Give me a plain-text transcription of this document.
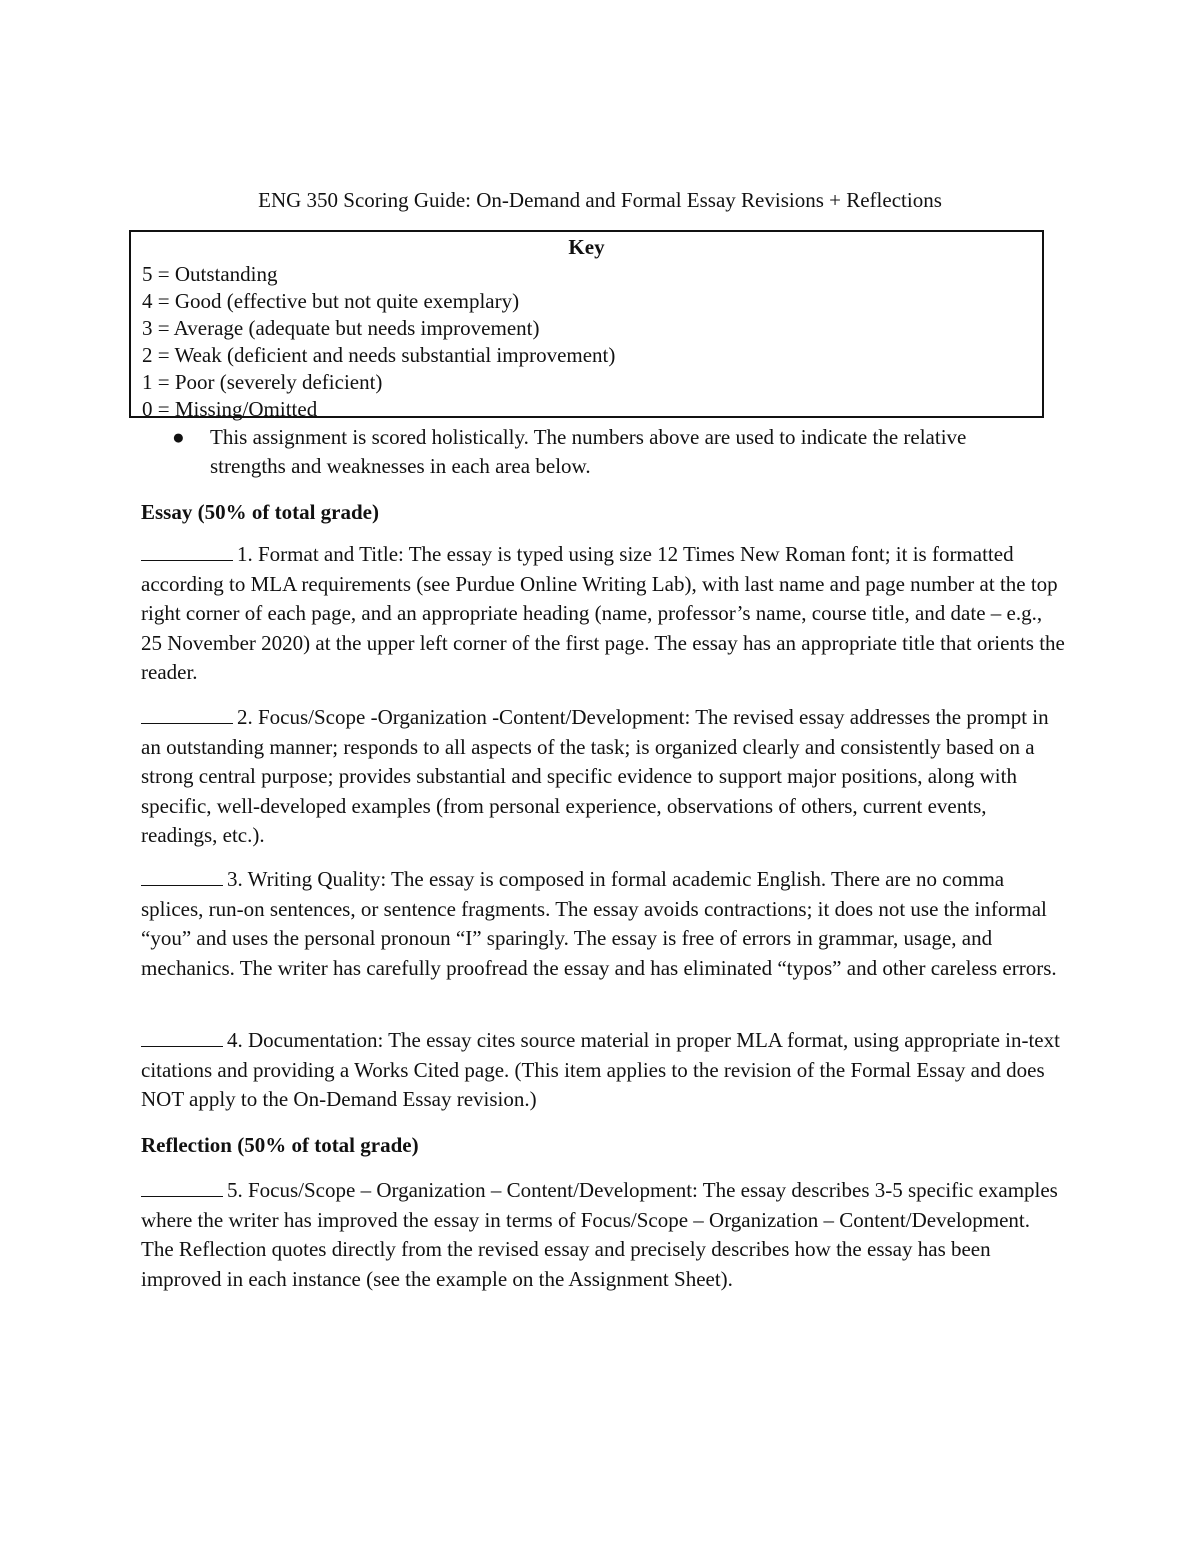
ENG 350 Scoring Guide: On-Demand and Formal Essay Revisions + Reflections
Key
5 = Outstanding
4 = Good (effective but not quite exemplary)
3 = Average (adequate but needs improvement)
2 = Weak (deficient and needs substantial improvement)
1 = Poor (severely deficient)
0 = Missing/Omitted
● This assignment is scored holistically. The numbers above are used to indicate the relative strengths and weaknesses in each area below.
Essay (50% of total grade)
1. Format and Title: The essay is typed using size 12 Times New Roman font; it is formatted according to MLA requirements (see Purdue Online Writing Lab), with last name and page number at the top right corner of each page, and an appropriate heading (name, professor’s name, course title, and date – e.g., 25 November 2020) at the upper left corner of the first page. The essay has an appropriate title that orients the reader.
2. Focus/Scope -Organization -Content/Development: The revised essay addresses the prompt in an outstanding manner; responds to all aspects of the task; is organized clearly and consistently based on a strong central purpose; provides substantial and specific evidence to support major positions, along with specific, well-developed examples (from personal experience, observations of others, current events, readings, etc.).
3. Writing Quality: The essay is composed in formal academic English. There are no comma splices, run-on sentences, or sentence fragments. The essay avoids contractions; it does not use the informal “you” and uses the personal pronoun “I” sparingly. The essay is free of errors in grammar, usage, and mechanics. The writer has carefully proofread the essay and has eliminated “typos” and other careless errors.
4. Documentation: The essay cites source material in proper MLA format, using appropriate in-text citations and providing a Works Cited page. (This item applies to the revision of the Formal Essay and does NOT apply to the On-Demand Essay revision.)
Reflection (50% of total grade)
5. Focus/Scope – Organization – Content/Development: The essay describes 3-5 specific examples where the writer has improved the essay in terms of Focus/Scope – Organization – Content/Development. The Reflection quotes directly from the revised essay and precisely describes how the essay has been improved in each instance (see the example on the Assignment Sheet).
